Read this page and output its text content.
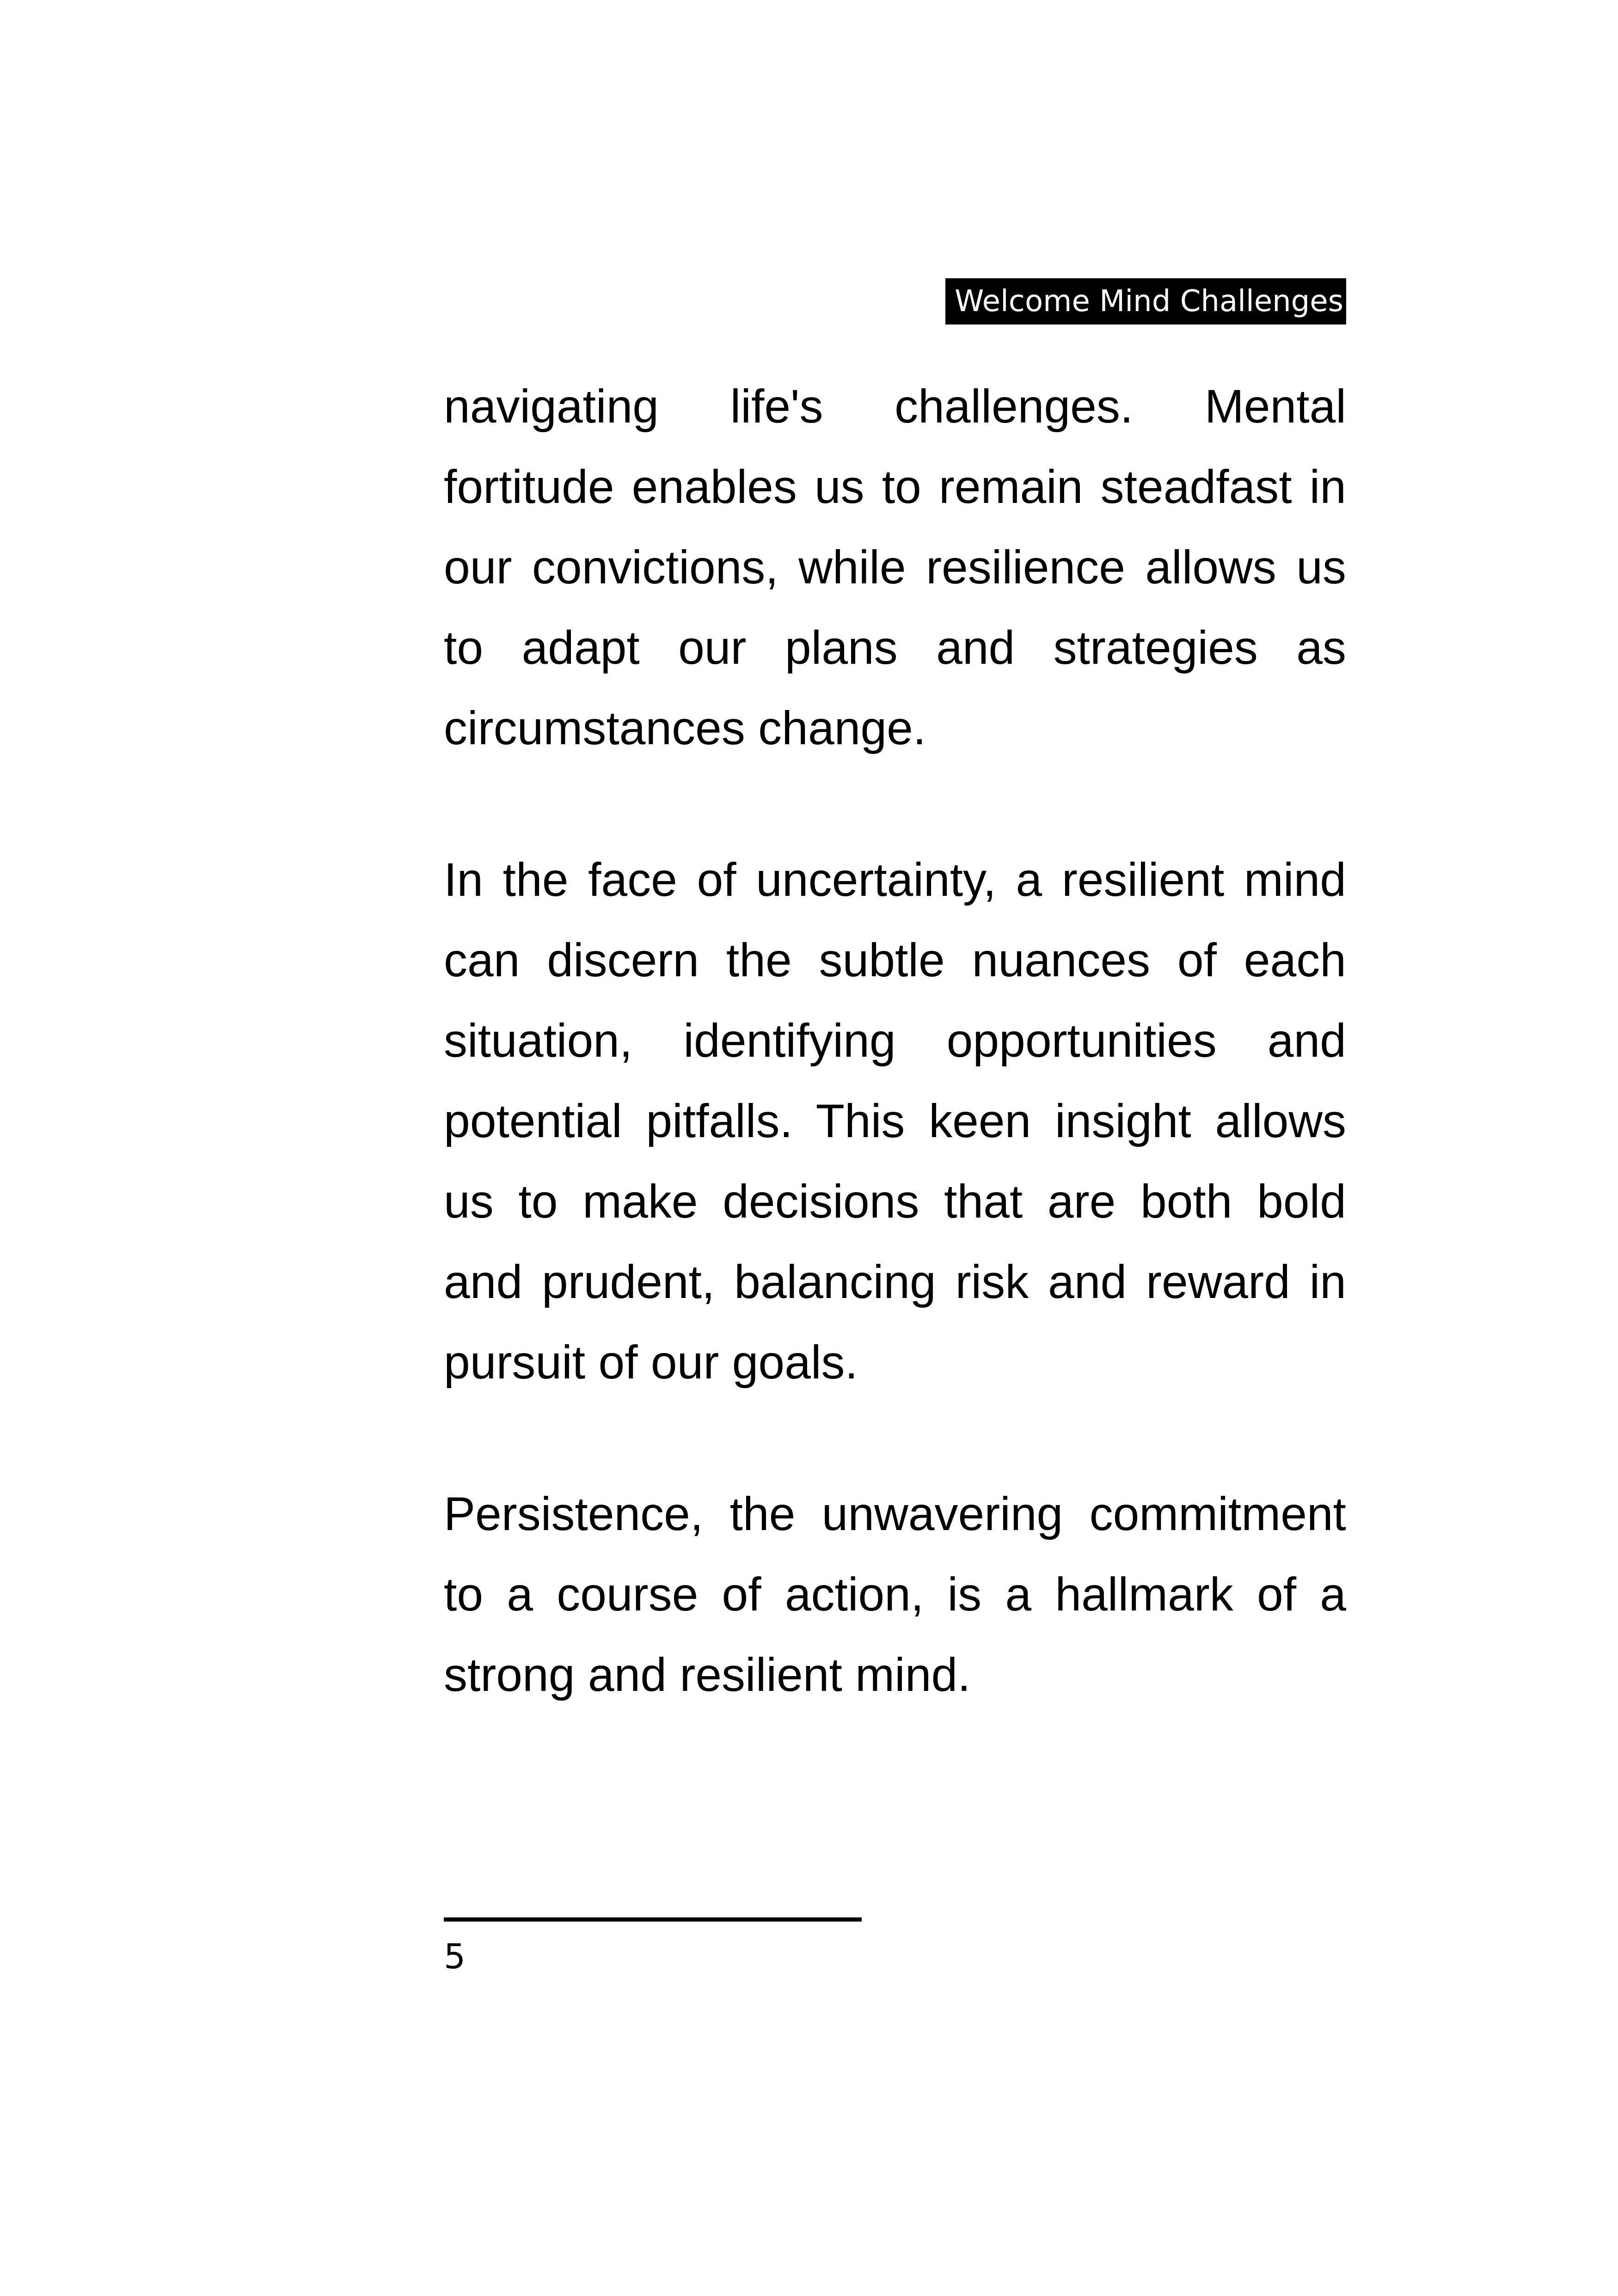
Welcome Mind Challenges

navigating life's challenges. Mental fortitude enables us to remain steadfast in our convictions, while resilience allows us to adapt our plans and strategies as circumstances change.

In the face of uncertainty, a resilient mind can discern the subtle nuances of each situation, identifying opportunities and potential pitfalls. This keen insight allows us to make decisions that are both bold and prudent, balancing risk and reward in pursuit of our goals.

Persistence, the unwavering commitment to a course of action, is a hallmark of a strong and resilient mind.

5
